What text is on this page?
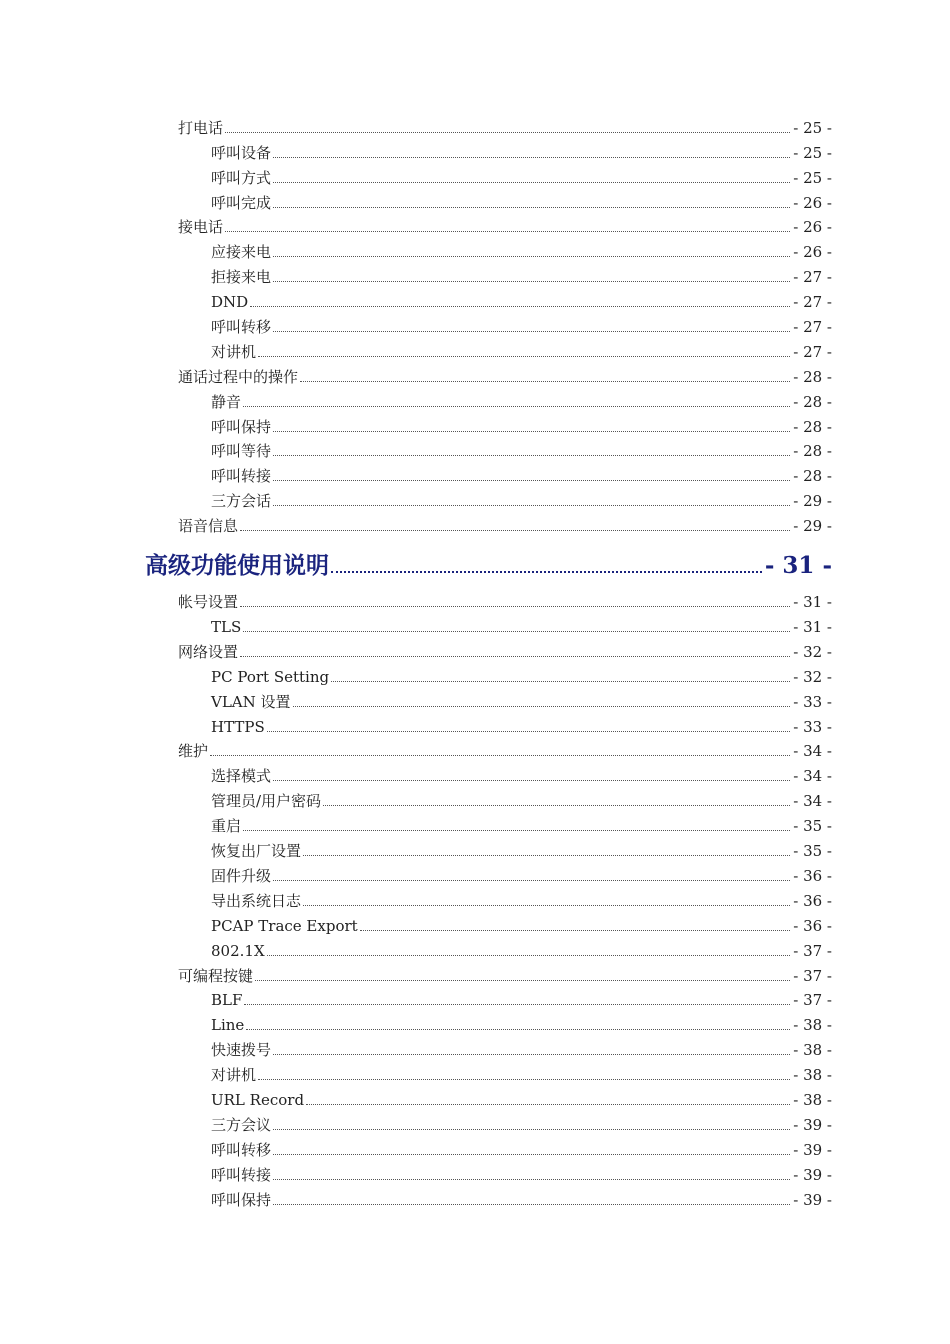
打电话	- 25 -
呼叫设备	- 25 -
呼叫方式	- 25 -
呼叫完成	- 26 -
接电话	- 26 -
应接来电	- 26 -
拒接来电	- 27 -
DND	- 27 -
呼叫转移	- 27 -
对讲机	- 27 -
通话过程中的操作	- 28 -
静音	- 28 -
呼叫保持	- 28 -
呼叫等待	- 28 -
呼叫转接	- 28 -
三方会话	- 29 -
语音信息	- 29 -
高级功能使用说明	- 31 -
帐号设置	- 31 -
TLS	- 31 -
网络设置	- 32 -
PC Port Setting	- 32 -
VLAN 设置	- 33 -
HTTPS	- 33 -
维护	- 34 -
选择模式	- 34 -
管理员/用户密码	- 34 -
重启	- 35 -
恢复出厂设置	- 35 -
固件升级	- 36 -
导出系统日志	- 36 -
PCAP Trace Export	- 36 -
802.1X	- 37 -
可编程按键	- 37 -
BLF	- 37 -
Line	- 38 -
快速拨号	- 38 -
对讲机	- 38 -
URL Record	- 38 -
三方会议	- 39 -
呼叫转移	- 39 -
呼叫转接	- 39 -
呼叫保持	- 39 -
